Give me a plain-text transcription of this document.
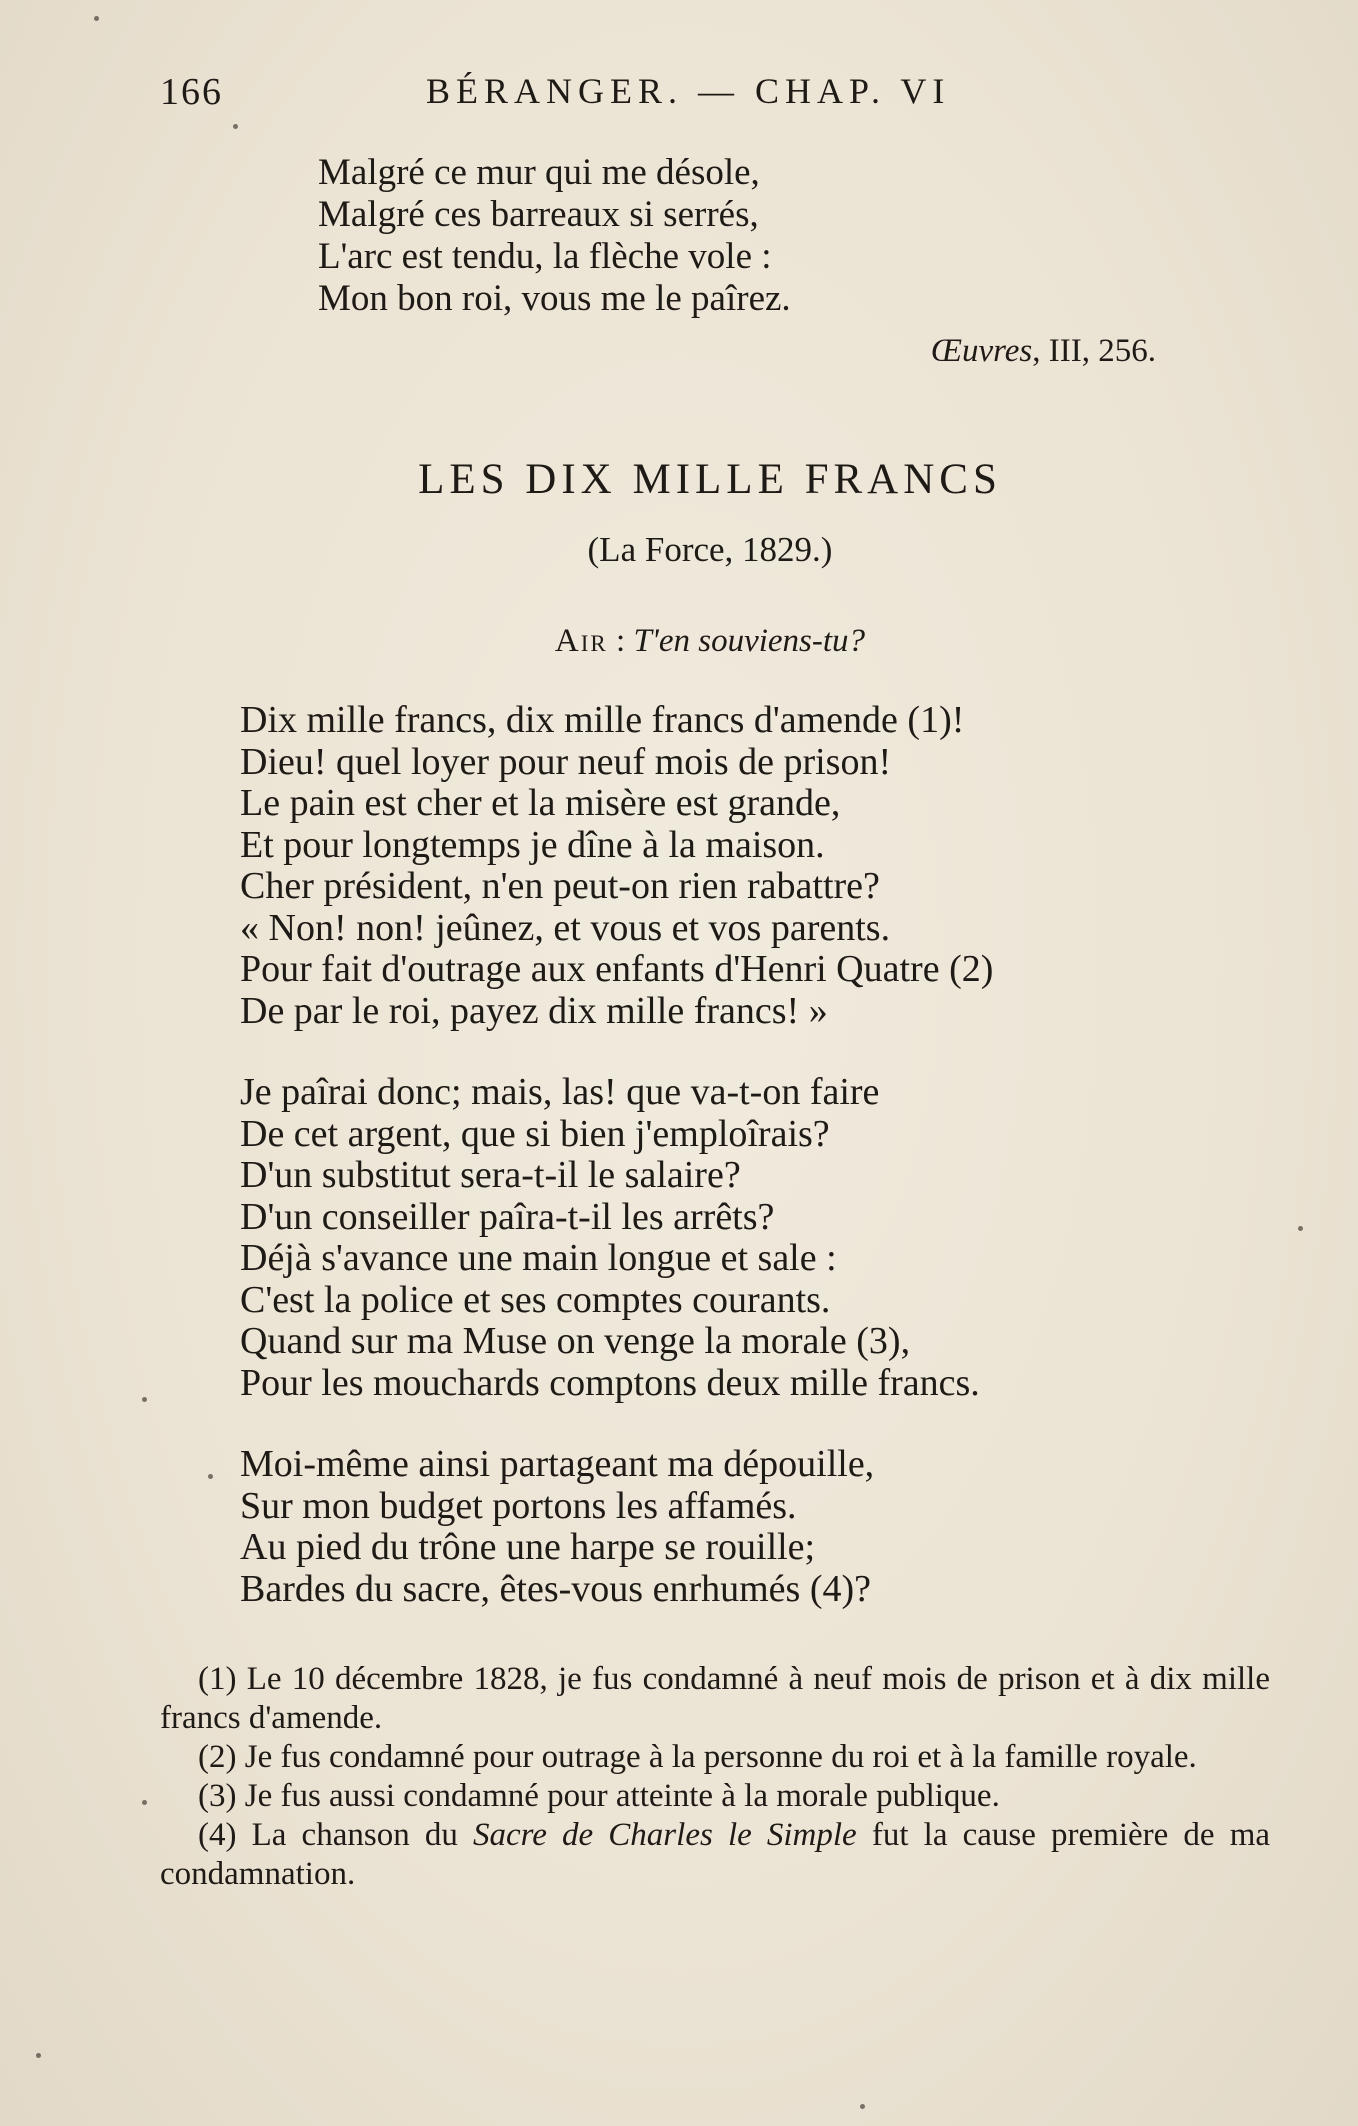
166	BÉRANGER. — CHAP. VI
Malgré ce mur qui me désole,
Malgré ces barreaux si serrés,
L'arc est tendu, la flèche vole :
Mon bon roi, vous me le paîrez.
Œuvres, III, 256.
LES DIX MILLE FRANCS
(La Force, 1829.)
Air : T'en souviens-tu?
Dix mille francs, dix mille francs d'amende (1)!
Dieu! quel loyer pour neuf mois de prison!
Le pain est cher et la misère est grande,
Et pour longtemps je dîne à la maison.
Cher président, n'en peut-on rien rabattre?
« Non! non! jeûnez, et vous et vos parents.
Pour fait d'outrage aux enfants d'Henri Quatre (2)
De par le roi, payez dix mille francs! »
Je paîrai donc; mais, las! que va-t-on faire
De cet argent, que si bien j'emploîrais?
D'un substitut sera-t-il le salaire?
D'un conseiller paîra-t-il les arrêts?
Déjà s'avance une main longue et sale :
C'est la police et ses comptes courants.
Quand sur ma Muse on venge la morale (3),
Pour les mouchards comptons deux mille francs.
Moi-même ainsi partageant ma dépouille,
Sur mon budget portons les affamés.
Au pied du trône une harpe se rouille;
Bardes du sacre, êtes-vous enrhumés (4)?
(1) Le 10 décembre 1828, je fus condamné à neuf mois de prison et à dix mille francs d'amende.
(2) Je fus condamné pour outrage à la personne du roi et à la famille royale.
(3) Je fus aussi condamné pour atteinte à la morale publique.
(4) La chanson du Sacre de Charles le Simple fut la cause première de ma condamnation.
